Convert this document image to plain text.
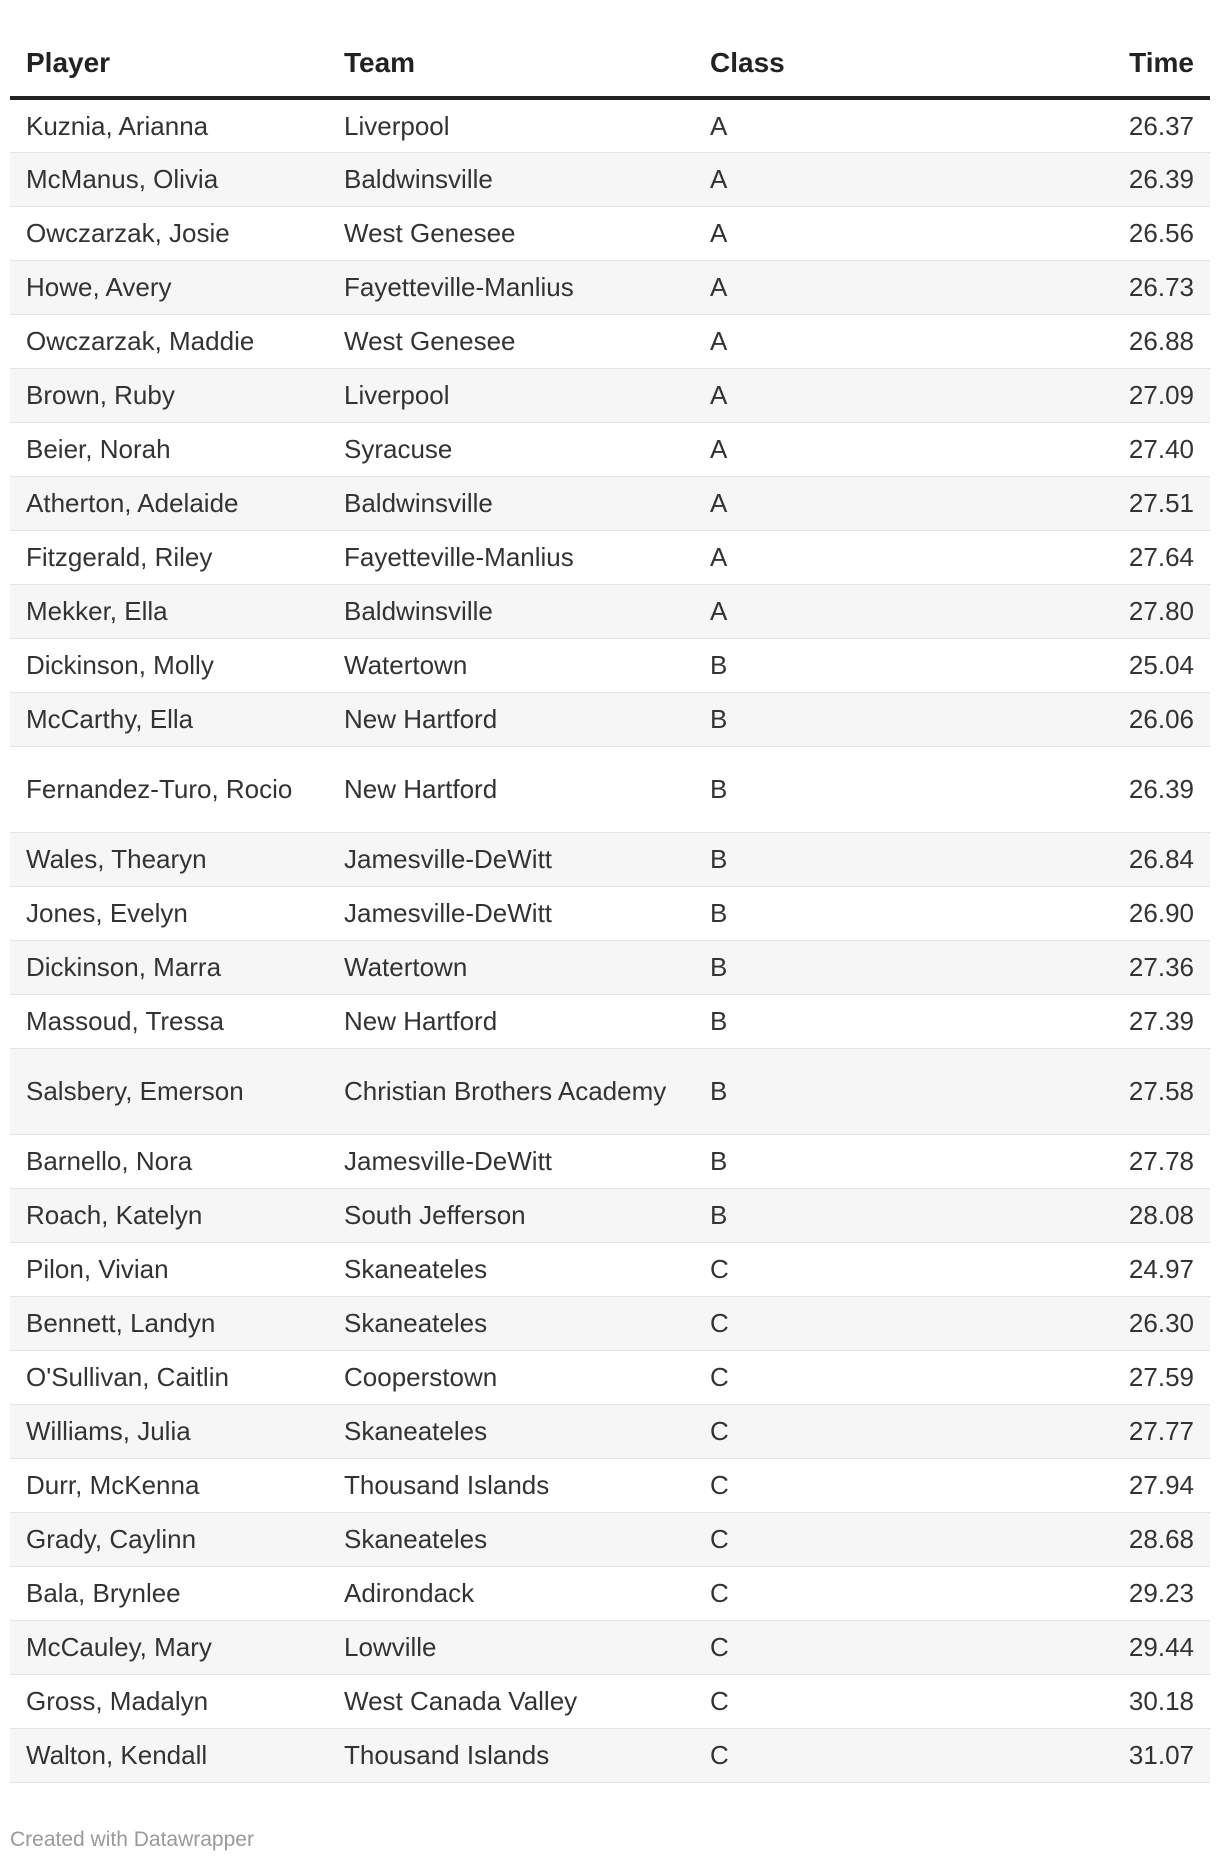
Player	Team	Class	Time
Kuznia, Arianna	Liverpool	A	26.37
McManus, Olivia	Baldwinsville	A	26.39
Owczarzak, Josie	West Genesee	A	26.56
Howe, Avery	Fayetteville-Manlius	A	26.73
Owczarzak, Maddie	West Genesee	A	26.88
Brown, Ruby	Liverpool	A	27.09
Beier, Norah	Syracuse	A	27.40
Atherton, Adelaide	Baldwinsville	A	27.51
Fitzgerald, Riley	Fayetteville-Manlius	A	27.64
Mekker, Ella	Baldwinsville	A	27.80
Dickinson, Molly	Watertown	B	25.04
McCarthy, Ella	New Hartford	B	26.06
Fernandez-Turo, Rocio	New Hartford	B	26.39
Wales, Thearyn	Jamesville-DeWitt	B	26.84
Jones, Evelyn	Jamesville-DeWitt	B	26.90
Dickinson, Marra	Watertown	B	27.36
Massoud, Tressa	New Hartford	B	27.39
Salsbery, Emerson	Christian Brothers Academy	B	27.58
Barnello, Nora	Jamesville-DeWitt	B	27.78
Roach, Katelyn	South Jefferson	B	28.08
Pilon, Vivian	Skaneateles	C	24.97
Bennett, Landyn	Skaneateles	C	26.30
O'Sullivan, Caitlin	Cooperstown	C	27.59
Williams, Julia	Skaneateles	C	27.77
Durr, McKenna	Thousand Islands	C	27.94
Grady, Caylinn	Skaneateles	C	28.68
Bala, Brynlee	Adirondack	C	29.23
McCauley, Mary	Lowville	C	29.44
Gross, Madalyn	West Canada Valley	C	30.18
Walton, Kendall	Thousand Islands	C	31.07
Created with Datawrapper
